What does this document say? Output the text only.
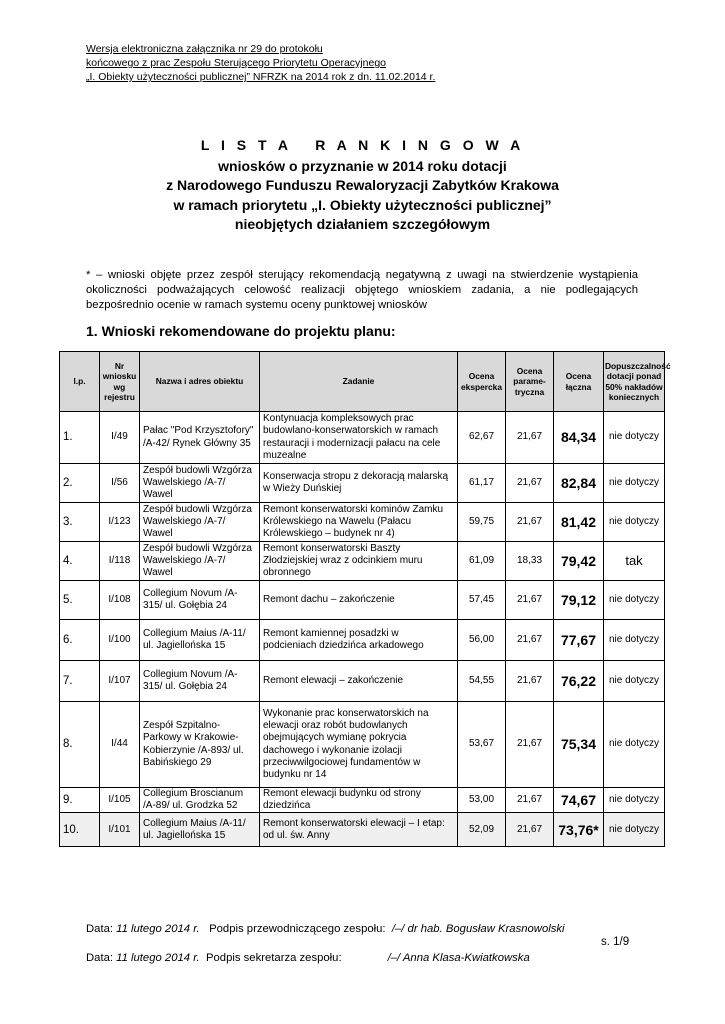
Wersja elektroniczna załącznika nr 29 do protokołu
końcowego z prac Zespołu Sterującego Priorytetu Operacyjnego
„I. Obiekty użyteczności publicznej” NFRZK na 2014 rok z dn. 11.02.2014 r.
L I S T A   R A N K I N G O W A
wniosków o przyznanie w 2014 roku dotacji
z Narodowego Funduszu Rewaloryzacji Zabytków Krakowa
w ramach priorytetu „I. Obiekty użyteczności publicznej”
nieobjętych działaniem szczegółowym
* – wnioski objęte przez zespół sterujący rekomendacją negatywną z uwagi na stwierdzenie wystąpienia okoliczności podważających celowość realizacji objętego wnioskiem zadania, a nie podlegających bezpośrednio ocenie w ramach systemu oceny punktowej wniosków
1. Wnioski rekomendowane do projektu planu:
l.p.	Nr wniosku wg rejestru	Nazwa i adres obiektu	Zadanie	Ocena ekspercka	Ocena parame-tryczna	Ocena łączna	Dopuszczalność dotacji ponad 50% nakładów koniecznych
1.	I/49	Pałac "Pod Krzysztofory" /A-42/ Rynek Główny 35	Kontynuacja kompleksowych prac budowlano-konserwatorskich w ramach restauracji i modernizacji pałacu na cele muzealne	62,67	21,67	84,34	nie dotyczy
2.	I/56	Zespół budowli Wzgórza Wawelskiego /A-7/ Wawel	Konserwacja stropu z dekoracją malarską w Wieży Duńskiej	61,17	21,67	82,84	nie dotyczy
3.	I/123	Zespół budowli Wzgórza Wawelskiego /A-7/ Wawel	Remont konserwatorski kominów Zamku Królewskiego na Wawelu (Pałacu Królewskiego – budynek nr 4)	59,75	21,67	81,42	nie dotyczy
4.	I/118	Zespół budowli Wzgórza Wawelskiego /A-7/ Wawel	Remont konserwatorski Baszty Złodziejskiej wraz z odcinkiem muru obronnego	61,09	18,33	79,42	tak
5.	I/108	Collegium Novum /A-315/ ul. Gołębia 24	Remont dachu – zakończenie	57,45	21,67	79,12	nie dotyczy
6.	I/100	Collegium Maius /A-11/ ul. Jagiellońska 15	Remont kamiennej posadzki w podcieniach dziedzińca arkadowego	56,00	21,67	77,67	nie dotyczy
7.	I/107	Collegium Novum /A-315/ ul. Gołębia 24	Remont elewacji – zakończenie	54,55	21,67	76,22	nie dotyczy
8.	I/44	Zespół Szpitalno-Parkowy w Krakowie-Kobierzynie /A-893/ ul. Babińskiego 29	Wykonanie prac konserwatorskich na elewacji oraz robót budowlanych obejmujących wymianę pokrycia dachowego i wykonanie izolacji przeciwwilgociowej fundamentów w budynku nr 14	53,67	21,67	75,34	nie dotyczy
9.	I/105	Collegium Broscianum /A-89/ ul. Grodzka 52	Remont elewacji budynku od strony dziedzińca	53,00	21,67	74,67	nie dotyczy
10.	I/101	Collegium Maius /A-11/ ul. Jagiellońska 15	Remont konserwatorski elewacji – I etap: od ul. św. Anny	52,09	21,67	73,76*	nie dotyczy
Data: 11 lutego 2014 r.   Podpis przewodniczącego zespołu:  /–/ dr hab. Bogusław Krasnowolski
s. 1/9
Data: 11 lutego 2014 r.  Podpis sekretarza zespołu:	/–/ Anna Klasa-Kwiatkowska
